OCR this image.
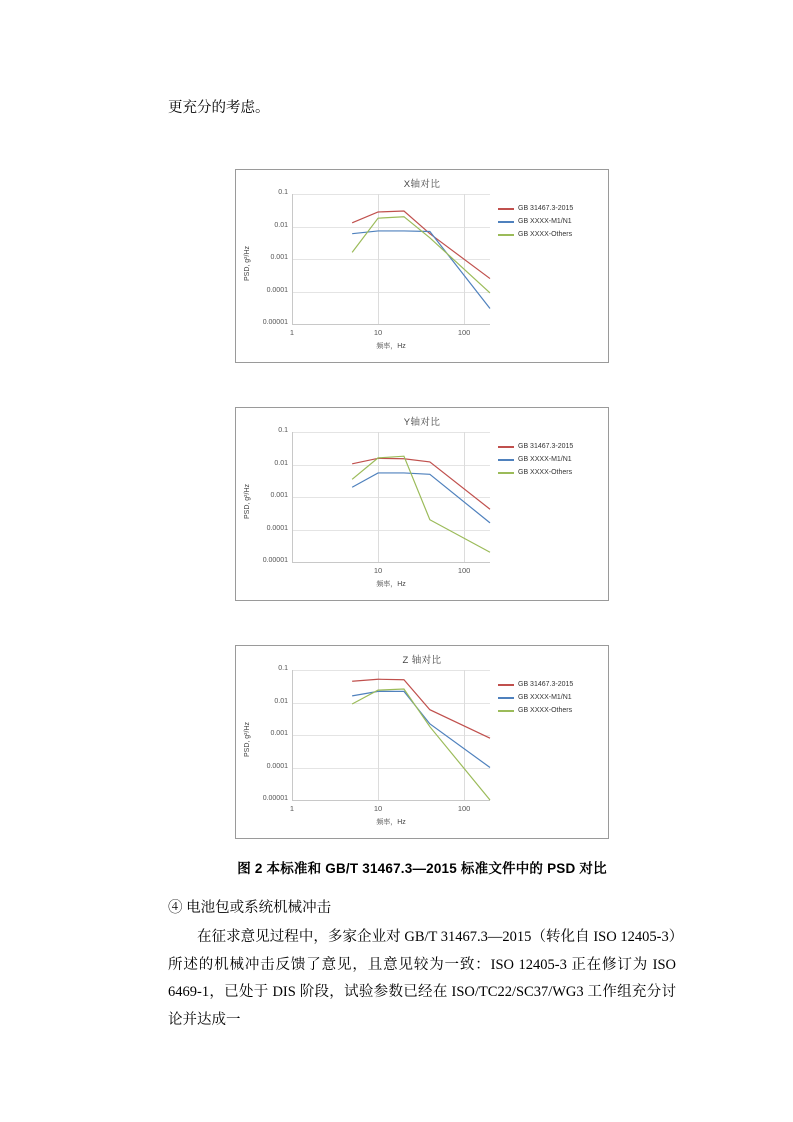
更充分的考虑。

X轴对比
0.1
0.01
0.001
0.0001
0.00001
1	10	100
频率，Hz
PSD, g²/Hz
GB 31467.3-2015
GB XXXX-M1/N1
GB XXXX-Others
Y轴对比
0.1
0.01
0.001
0.0001
0.00001
10	100
频率，Hz
PSD, g²/Hz
GB 31467.3-2015
GB XXXX-M1/N1
GB XXXX-Others
Z 轴对比
0.1
0.01
0.001
0.0001
0.00001
1	10	100
频率，Hz
PSD, g²/Hz
GB 31467.3-2015
GB XXXX-M1/N1
GB XXXX-Others
图 2 本标准和 GB/T 31467.3—2015 标准文件中的 PSD 对比
④ 电池包或系统机械冲击

在征求意见过程中，多家企业对 GB/T 31467.3—2015（转化自 ISO 12405-3）所述的机械冲击反馈了意见，且意见较为一致：ISO 12405-3 正在修订为 ISO 6469-1，已处于 DIS 阶段，试验参数已经在 ISO/TC22/SC37/WG3 工作组充分讨论并达成一
